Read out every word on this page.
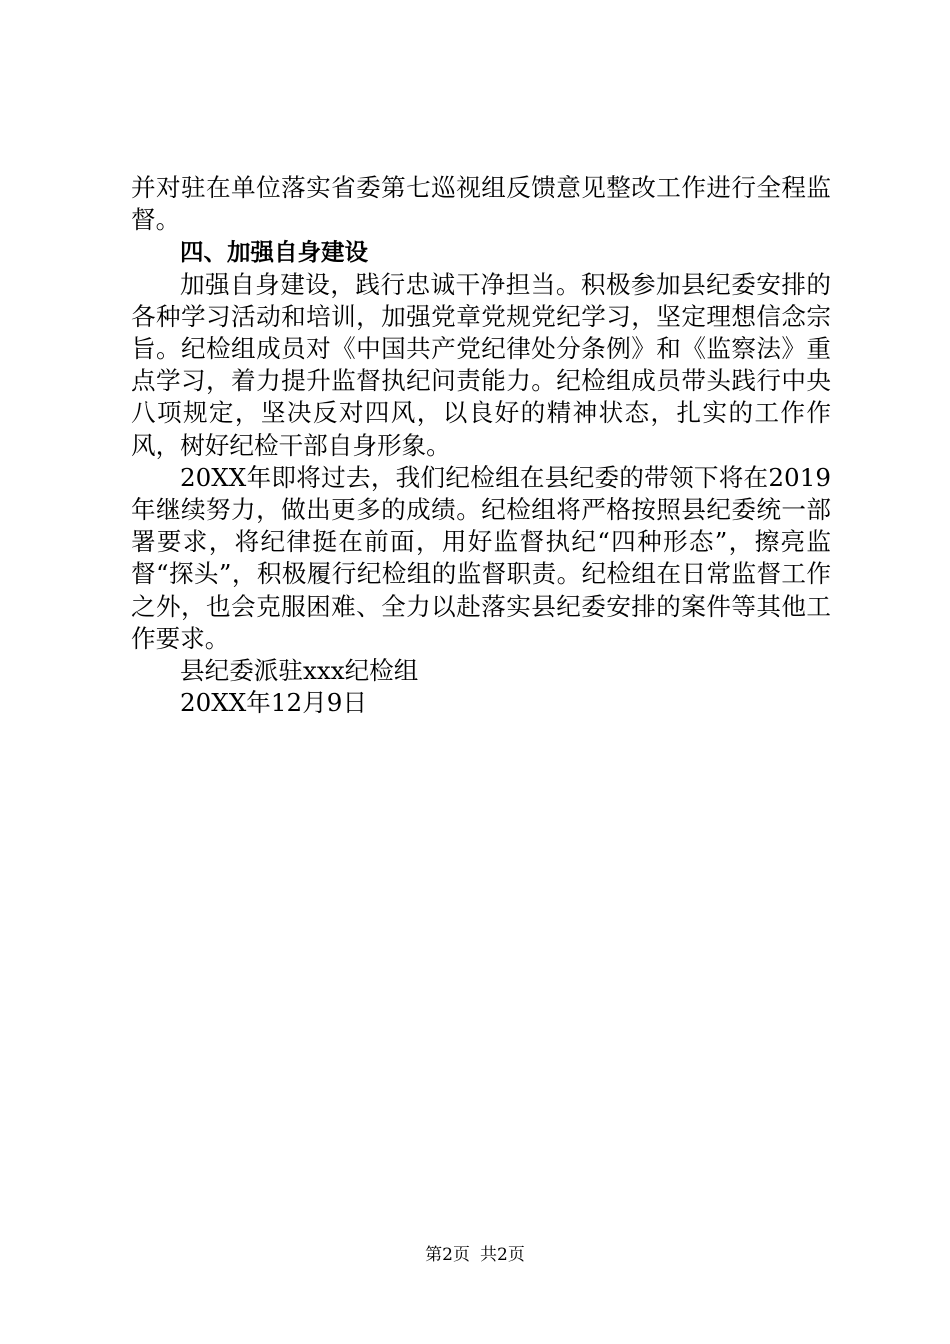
并对驻在单位落实省委第七巡视组反馈意见整改工作进行全程监督。

四、加强自身建设

加强自身建设，践行忠诚干净担当。积极参加县纪委安排的各种学习活动和培训，加强党章党规党纪学习，坚定理想信念宗旨。纪检组成员对《中国共产党纪律处分条例》和《监察法》重点学习，着力提升监督执纪问责能力。纪检组成员带头践行中央八项规定，坚决反对四风，以良好的精神状态，扎实的工作作风，树好纪检干部自身形象。

20XX年即将过去，我们纪检组在县纪委的带领下将在2019年继续努力，做出更多的成绩。纪检组将严格按照县纪委统一部署要求，将纪律挺在前面，用好监督执纪“四种形态”，擦亮监督“探头”，积极履行纪检组的监督职责。纪检组在日常监督工作之外，也会克服困难、全力以赴落实县纪委安排的案件等其他工作要求。

县纪委派驻xxx纪检组

20XX年12月9日

第2页 共2页
